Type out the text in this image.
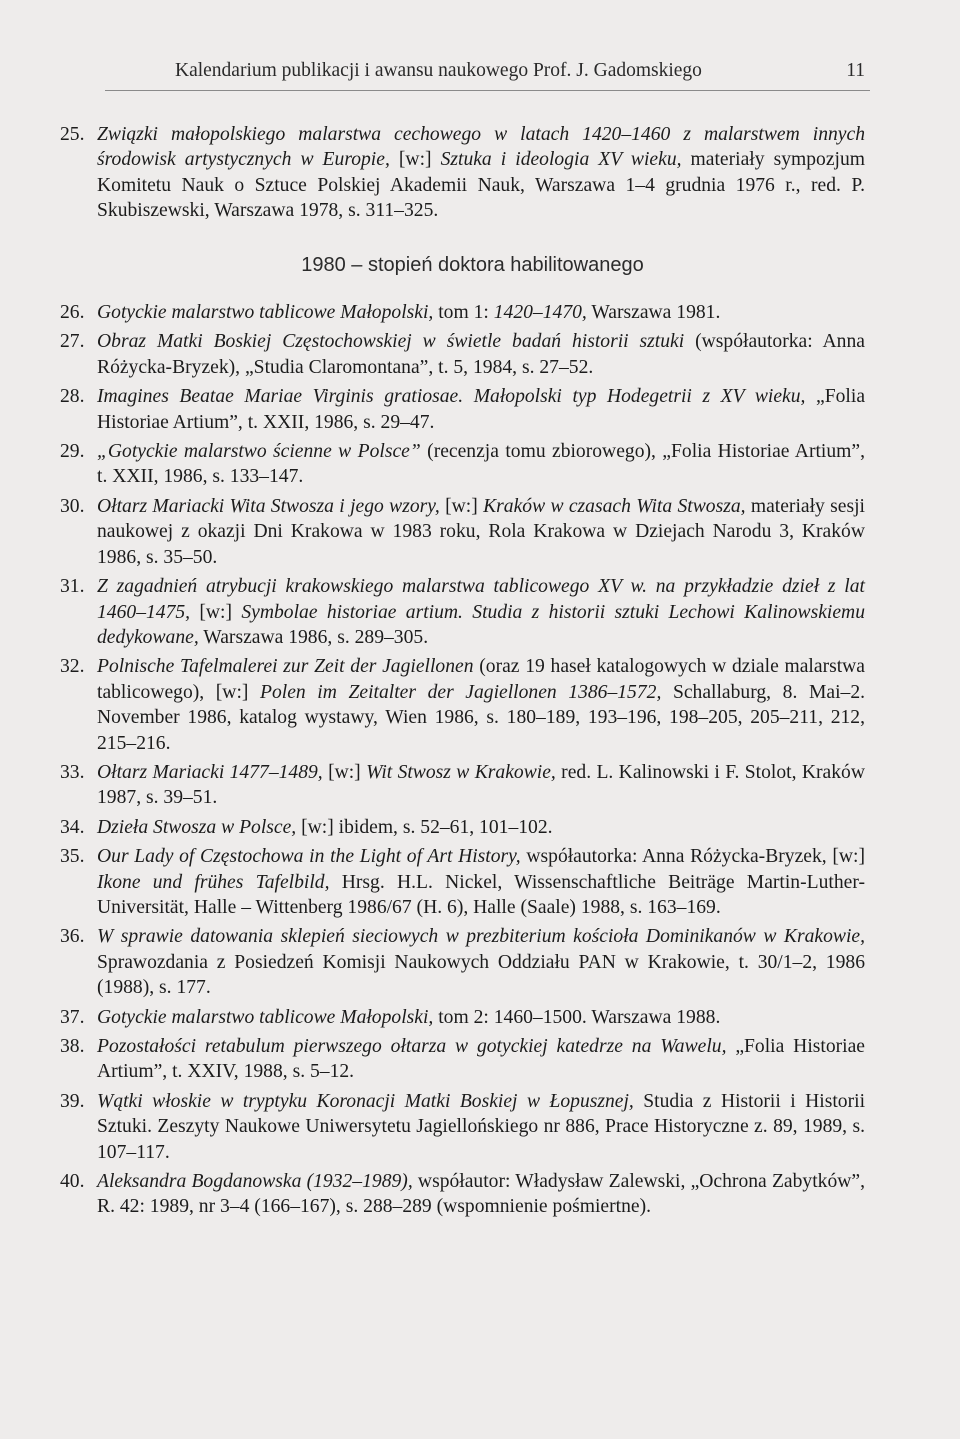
Kalendarium publikacji i awansu naukowego Prof. J. Gadomskiego	11
25. Związki małopolskiego malarstwa cechowego w latach 1420–1460 z malarstwem innych środowisk artystycznych w Europie, [w:] Sztuka i ideologia XV wieku, materiały sympozjum Komitetu Nauk o Sztuce Polskiej Akademii Nauk, Warszawa 1–4 grudnia 1976 r., red. P. Skubiszewski, Warszawa 1978, s. 311–325.
1980 – stopień doktora habilitowanego
26. Gotyckie malarstwo tablicowe Małopolski, tom 1: 1420–1470, Warszawa 1981.
27. Obraz Matki Boskiej Częstochowskiej w świetle badań historii sztuki (współautorka: Anna Różycka-Bryzek), „Studia Claromontana”, t. 5, 1984, s. 27–52.
28. Imagines Beatae Mariae Virginis gratiosae. Małopolski typ Hodegetrii z XV wieku, „Folia Historiae Artium”, t. XXII, 1986, s. 29–47.
29. „Gotyckie malarstwo ścienne w Polsce” (recenzja tomu zbiorowego), „Folia Historiae Artium”, t. XXII, 1986, s. 133–147.
30. Ołtarz Mariacki Wita Stwosza i jego wzory, [w:] Kraków w czasach Wita Stwosza, materiały sesji naukowej z okazji Dni Krakowa w 1983 roku, Rola Krakowa w Dziejach Narodu 3, Kraków 1986, s. 35–50.
31. Z zagadnień atrybucji krakowskiego malarstwa tablicowego XV w. na przykładzie dzieł z lat 1460–1475, [w:] Symbolae historiae artium. Studia z historii sztuki Lechowi Kalinowskiemu dedykowane, Warszawa 1986, s. 289–305.
32. Polnische Tafelmalerei zur Zeit der Jagiellonen (oraz 19 haseł katalogowych w dziale malarstwa tablicowego), [w:] Polen im Zeitalter der Jagiellonen 1386–1572, Schallaburg, 8. Mai–2. November 1986, katalog wystawy, Wien 1986, s. 180–189, 193–196, 198–205, 205–211, 212, 215–216.
33. Ołtarz Mariacki 1477–1489, [w:] Wit Stwosz w Krakowie, red. L. Kalinowski i F. Stolot, Kraków 1987, s. 39–51.
34. Dzieła Stwosza w Polsce, [w:] ibidem, s. 52–61, 101–102.
35. Our Lady of Częstochowa in the Light of Art History, współautorka: Anna Różycka-Bryzek, [w:] Ikone und frühes Tafelbild, Hrsg. H.L. Nickel, Wissenschaftliche Beiträge Martin-Luther-Universität, Halle – Wittenberg 1986/67 (H. 6), Halle (Saale) 1988, s. 163–169.
36. W sprawie datowania sklepień sieciowych w prezbiterium kościoła Dominikanów w Krakowie, Sprawozdania z Posiedzeń Komisji Naukowych Oddziału PAN w Krakowie, t. 30/1–2, 1986 (1988), s. 177.
37. Gotyckie malarstwo tablicowe Małopolski, tom 2: 1460–1500. Warszawa 1988.
38. Pozostałości retabulum pierwszego ołtarza w gotyckiej katedrze na Wawelu, „Folia Historiae Artium”, t. XXIV, 1988, s. 5–12.
39. Wątki włoskie w tryptyku Koronacji Matki Boskiej w Łopusznej, Studia z Historii i Historii Sztuki. Zeszyty Naukowe Uniwersytetu Jagiellońskiego nr 886, Prace Historyczne z. 89, 1989, s. 107–117.
40. Aleksandra Bogdanowska (1932–1989), współautor: Władysław Zalewski, „Ochrona Zabytków”, R. 42: 1989, nr 3–4 (166–167), s. 288–289 (wspomnienie pośmiertne).
